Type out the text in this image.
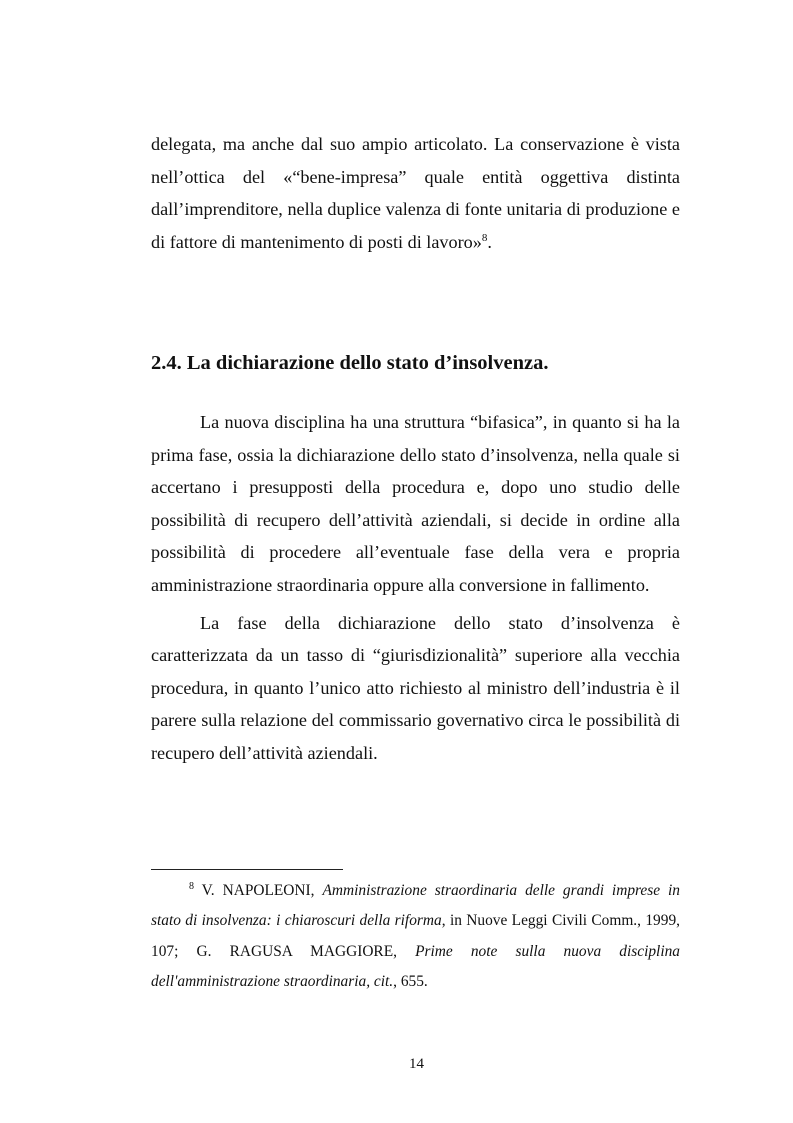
delegata, ma anche dal suo ampio articolato. La conservazione è vista nell’ottica del «“bene-impresa” quale entità oggettiva distinta dall’imprenditore, nella duplice valenza di fonte unitaria di produzione e di fattore di mantenimento di posti di lavoro»$^8$.

2.4. La dichiarazione dello stato d’insolvenza.

La nuova disciplina ha una struttura “bifasica”, in quanto si ha la prima fase, ossia la dichiarazione dello stato d’insolvenza, nella quale si accertano i presupposti della procedura e, dopo uno studio delle possibilità di recupero dell’attività aziendali, si decide in ordine alla possibilità di procedere all’eventuale fase della vera e propria amministrazione straordinaria oppure alla conversione in fallimento.

La fase della dichiarazione dello stato d’insolvenza è caratterizzata da un tasso di “giurisdizionalità” superiore alla vecchia procedura, in quanto l’unico atto richiesto al ministro dell’industria è il parere sulla relazione del commissario governativo circa le possibilità di recupero dell’attività aziendali.

$^8$ V. NAPOLEONI, Amministrazione straordinaria delle grandi imprese in stato di insolvenza: i chiaroscuri della riforma, in Nuove Leggi Civili Comm., 1999, 107; G. RAGUSA MAGGIORE, Prime note sulla nuova disciplina dell'amministrazione straordinaria, cit., 655.

14
